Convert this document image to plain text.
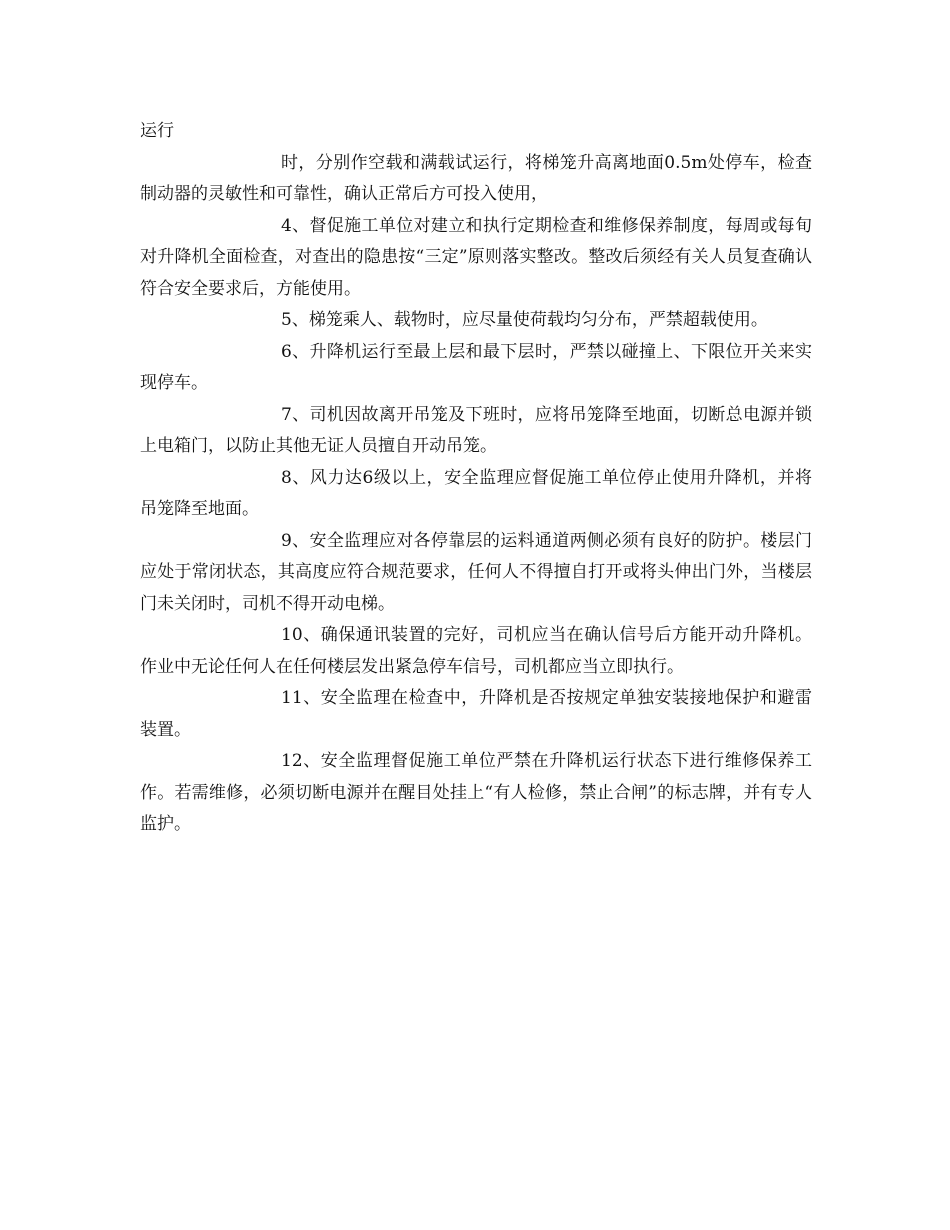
运行

时，分别作空载和满载试运行，将梯笼升高离地面0.5m处停车，检查制动器的灵敏性和可靠性，确认正常后方可投入使用，

4、督促施工单位对建立和执行定期检查和维修保养制度，每周或每旬对升降机全面检查，对查出的隐患按“三定”原则落实整改。整改后须经有关人员复查确认符合安全要求后，方能使用。

5、梯笼乘人、载物时，应尽量使荷载均匀分布，严禁超载使用。

6、升降机运行至最上层和最下层时，严禁以碰撞上、下限位开关来实现停车。

7、司机因故离开吊笼及下班时，应将吊笼降至地面，切断总电源并锁上电箱门，以防止其他无证人员擅自开动吊笼。

8、风力达6级以上，安全监理应督促施工单位停止使用升降机，并将吊笼降至地面。

9、安全监理应对各停靠层的运料通道两侧必须有良好的防护。楼层门应处于常闭状态，其高度应符合规范要求，任何人不得擅自打开或将头伸出门外，当楼层门未关闭时，司机不得开动电梯。

10、确保通讯装置的完好，司机应当在确认信号后方能开动升降机。作业中无论任何人在任何楼层发出紧急停车信号，司机都应当立即执行。

11、安全监理在检查中，升降机是否按规定单独安装接地保护和避雷装置。

12、安全监理督促施工单位严禁在升降机运行状态下进行维修保养工作。若需维修，必须切断电源并在醒目处挂上“有人检修，禁止合闸”的标志牌，并有专人监护。
